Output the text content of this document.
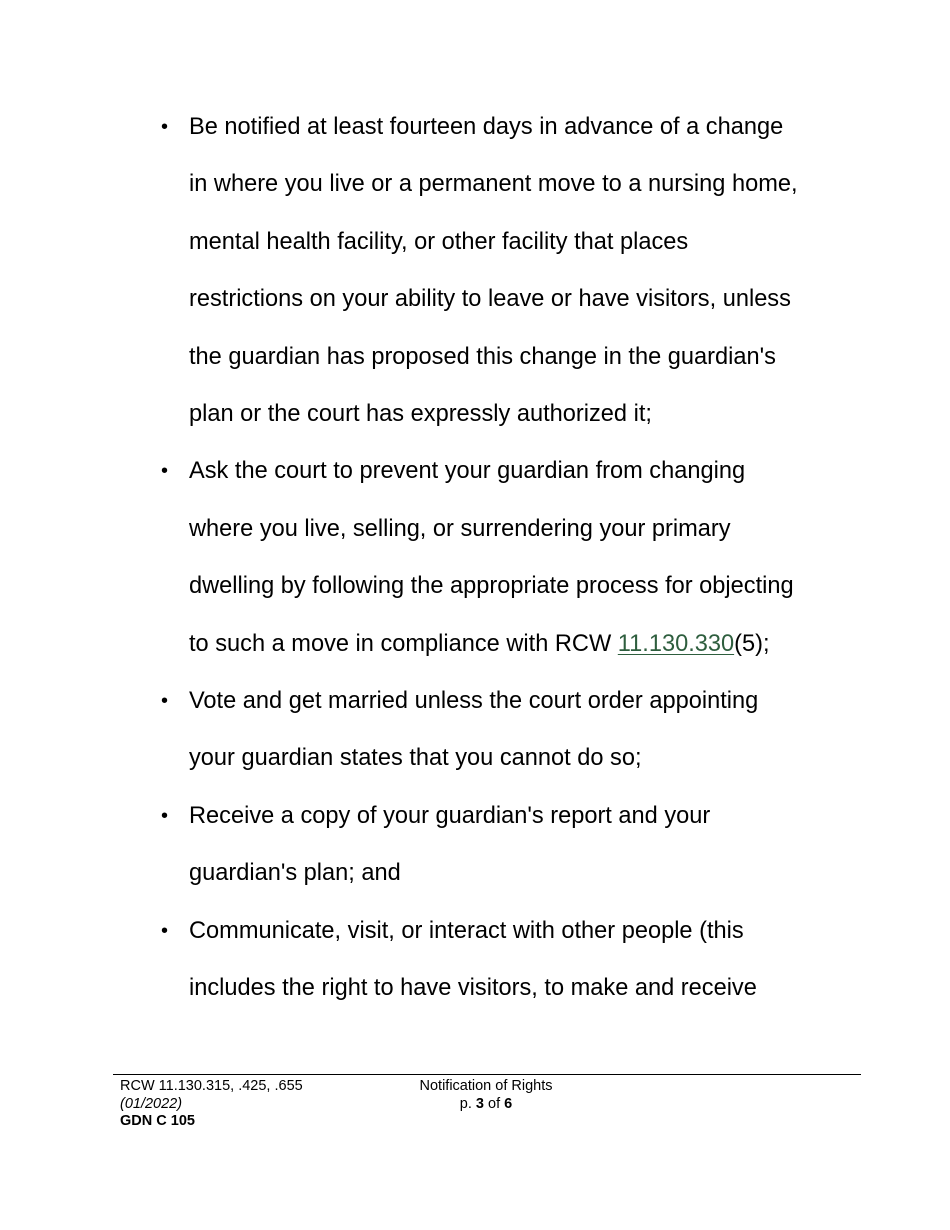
• Be notified at least fourteen days in advance of a change
in where you live or a permanent move to a nursing home,
mental health facility, or other facility that places
restrictions on your ability to leave or have visitors, unless
the guardian has proposed this change in the guardian's
plan or the court has expressly authorized it;
• Ask the court to prevent your guardian from changing
where you live, selling, or surrendering your primary
dwelling by following the appropriate process for objecting
to such a move in compliance with RCW 11.130.330(5);
• Vote and get married unless the court order appointing
your guardian states that you cannot do so;
• Receive a copy of your guardian's report and your
guardian's plan; and
• Communicate, visit, or interact with other people (this
includes the right to have visitors, to make and receive
RCW 11.130.315, .425, .655
(01/2022)
GDN C 105
Notification of Rights
p. 3 of 6
